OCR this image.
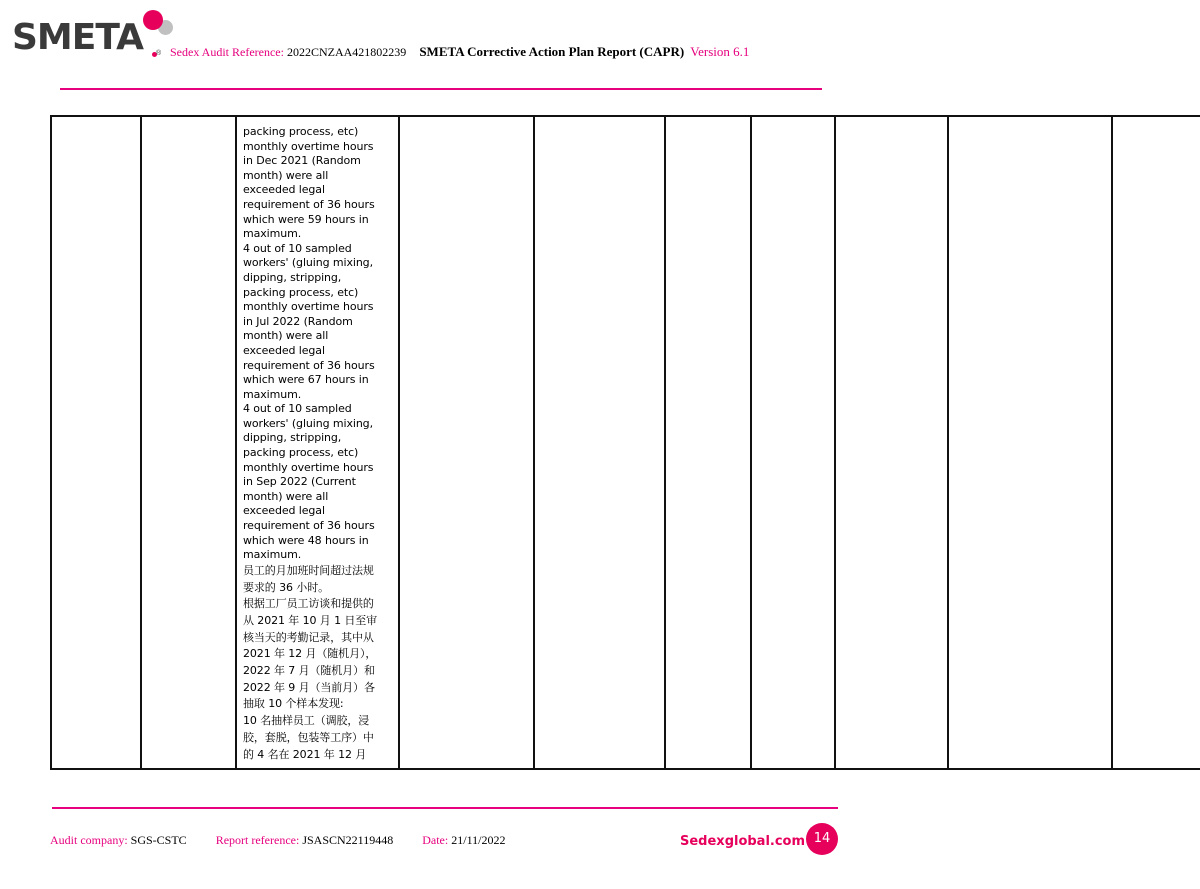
SMETA ® Sedex Audit Reference: 2022CNZAA421802239 SMETA Corrective Action Plan Report (CAPR) Version 6.1

packing process, etc)
monthly overtime hours
in Dec 2021 (Random
month) were all
exceeded legal
requirement of 36 hours
which were 59 hours in
maximum.
4 out of 10 sampled
workers' (gluing mixing,
dipping, stripping,
packing process, etc)
monthly overtime hours
in Jul 2022 (Random
month) were all
exceeded legal
requirement of 36 hours
which were 67 hours in
maximum.
4 out of 10 sampled
workers' (gluing mixing,
dipping, stripping,
packing process, etc)
monthly overtime hours
in Sep 2022 (Current
month) were all
exceeded legal
requirement of 36 hours
which were 48 hours in
maximum.
员工的月加班时间超过法规
要求的 36 小时。
根据工厂员工访谈和提供的
从 2021 年 10 月 1 日至审
核当天的考勤记录，其中从
2021 年 12 月（随机月），
2022 年 7 月（随机月）和
2022 年 9 月（当前月）各
抽取 10 个样本发现:
10 名抽样员工（调胶，浸
胶，套脱，包装等工序）中
的 4 名在 2021 年 12 月

Audit company: SGS-CSTC Report reference: JSASCN22119448 Date: 21/11/2022	Sedexglobal.com 14
